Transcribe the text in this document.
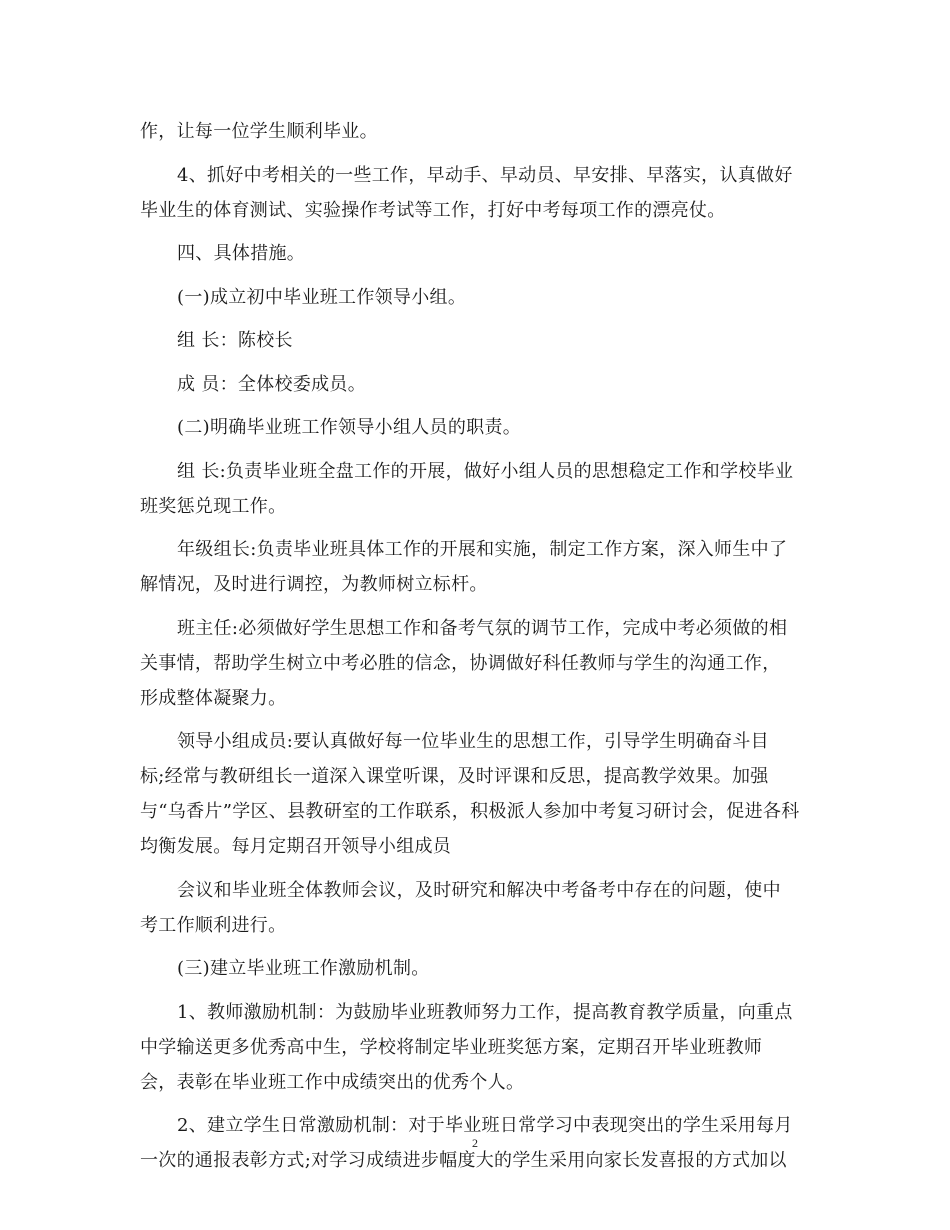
作，让每一位学生顺利毕业。
4、抓好中考相关的一些工作，早动手、早动员、早安排、早落实，认真做好
毕业生的体育测试、实验操作考试等工作，打好中考每项工作的漂亮仗。
四、具体措施。
(一)成立初中毕业班工作领导小组。
组 长：陈校长
成 员：全体校委成员。
(二)明确毕业班工作领导小组人员的职责。
组 长:负责毕业班全盘工作的开展，做好小组人员的思想稳定工作和学校毕业
班奖惩兑现工作。
年级组长:负责毕业班具体工作的开展和实施，制定工作方案，深入师生中了
解情况，及时进行调控，为教师树立标杆。
班主任:必须做好学生思想工作和备考气氛的调节工作，完成中考必须做的相
关事情，帮助学生树立中考必胜的信念，协调做好科任教师与学生的沟通工作，
形成整体凝聚力。
领导小组成员:要认真做好每一位毕业生的思想工作，引导学生明确奋斗目
标;经常与教研组长一道深入课堂听课，及时评课和反思，提高教学效果。加强
与“乌香片”学区、县教研室的工作联系，积极派人参加中考复习研讨会，促进各科
均衡发展。每月定期召开领导小组成员
会议和毕业班全体教师会议，及时研究和解决中考备考中存在的问题，使中
考工作顺利进行。
(三)建立毕业班工作激励机制。
1、教师激励机制：为鼓励毕业班教师努力工作，提高教育教学质量，向重点
中学输送更多优秀高中生，学校将制定毕业班奖惩方案，定期召开毕业班教师
会，表彰在毕业班工作中成绩突出的优秀个人。
2、建立学生日常激励机制：对于毕业班日常学习中表现突出的学生采用每月
一次的通报表彰方式;对学习成绩进步幅度大的学生采用向家长发喜报的方式加以
2
